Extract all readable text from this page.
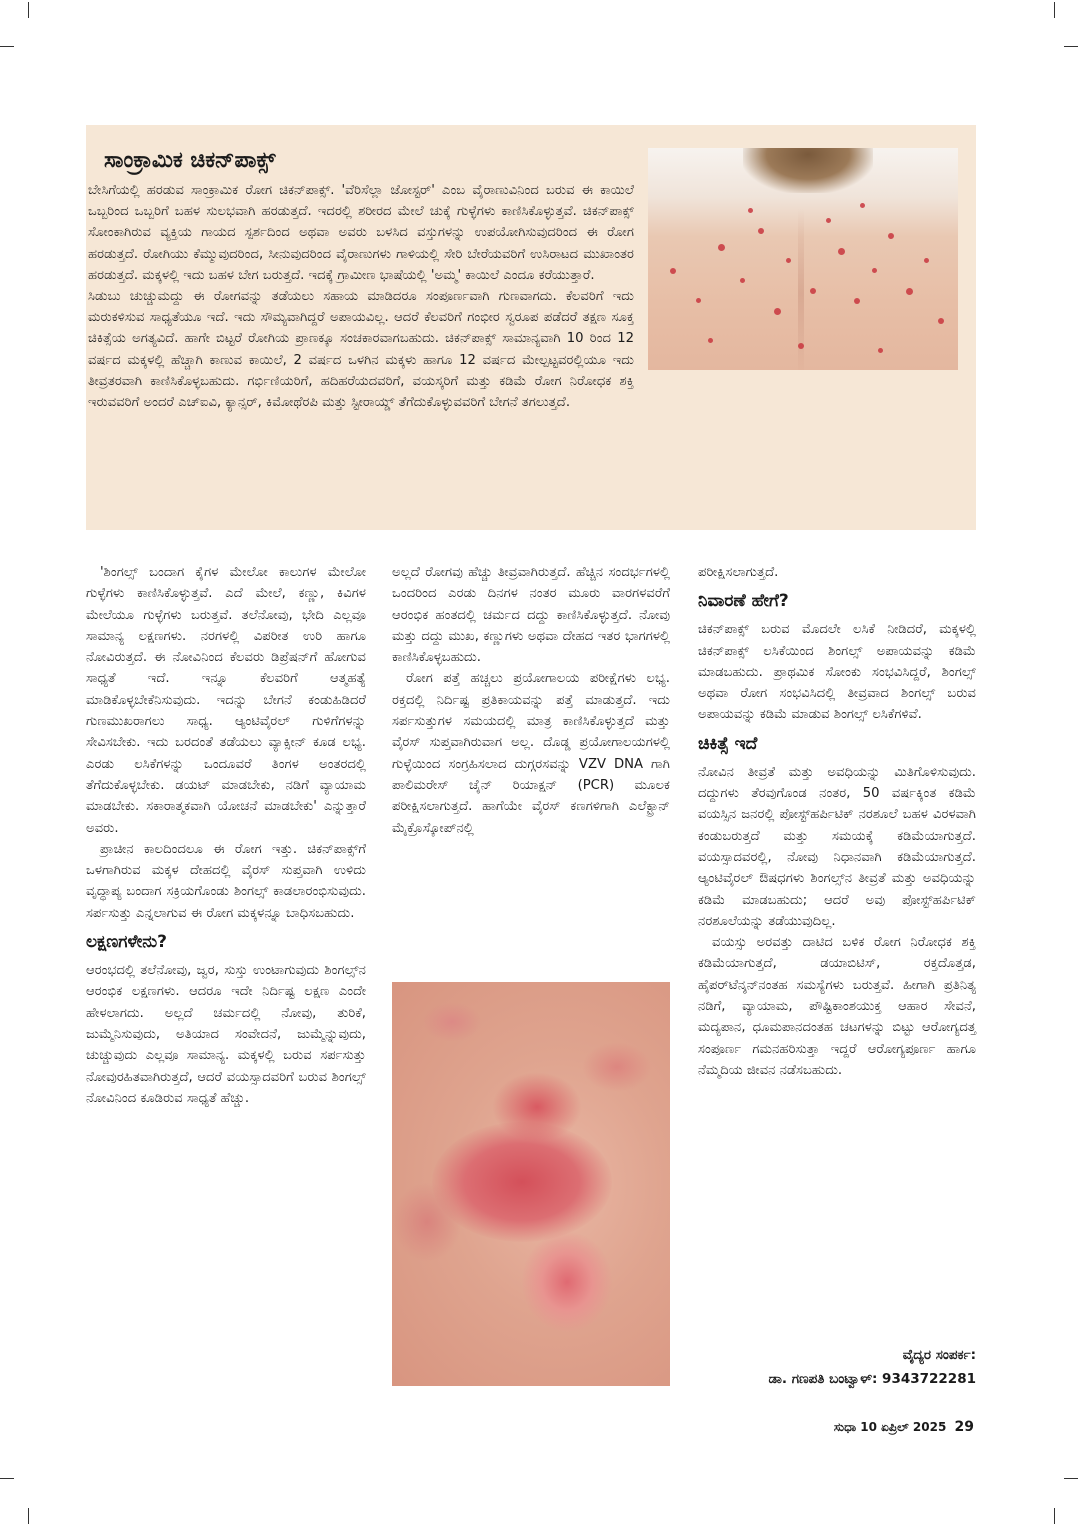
ಸಾಂಕ್ರಾಮಿಕ ಚಿಕನ್‌ಪಾಕ್ಸ್

ಬೇಸಿಗೆಯಲ್ಲಿ ಹರಡುವ ಸಾಂಕ್ರಾಮಿಕ ರೋಗ ಚಿಕನ್‌ಪಾಕ್ಸ್. 'ವೆರಿಸೆಲ್ಲಾ ಜೋಸ್ಟರ್' ಎಂಬ ವೈರಾಣುವಿನಿಂದ ಬರುವ ಈ ಕಾಯಿಲೆ ಒಬ್ಬರಿಂದ ಒಬ್ಬರಿಗೆ ಬಹಳ ಸುಲಭವಾಗಿ ಹರಡುತ್ತದೆ. ಇದರಲ್ಲಿ ಶರೀರದ ಮೇಲೆ ಚುಕ್ಕೆ ಗುಳ್ಳೆಗಳು ಕಾಣಿಸಿಕೊಳ್ಳುತ್ತವೆ. ಚಿಕನ್‌ಪಾಕ್ಸ್ ಸೋಂಕಾಗಿರುವ ವ್ಯಕ್ತಿಯ ಗಾಯದ ಸ್ಪರ್ಶದಿಂದ ಅಥವಾ ಅವರು ಬಳಸಿದ ವಸ್ತುಗಳನ್ನು ಉಪಯೋಗಿಸುವುದರಿಂದ ಈ ರೋಗ ಹರಡುತ್ತದೆ. ರೋಗಿಯು ಕೆಮ್ಮುವುದರಿಂದ, ಸೀನುವುದರಿಂದ ವೈರಾಣುಗಳು ಗಾಳಿಯಲ್ಲಿ ಸೇರಿ ಬೇರೆಯವರಿಗೆ ಉಸಿರಾಟದ ಮುಖಾಂತರ ಹರಡುತ್ತದೆ. ಮಕ್ಕಳಲ್ಲಿ ಇದು ಬಹಳ ಬೇಗ ಬರುತ್ತದೆ. ಇದಕ್ಕೆ ಗ್ರಾಮೀಣ ಭಾಷೆಯಲ್ಲಿ 'ಅಮ್ಮ' ಕಾಯಿಲೆ ಎಂದೂ ಕರೆಯುತ್ತಾರೆ.

ಸಿಡುಬು ಚುಚ್ಚುಮದ್ದು ಈ ರೋಗವನ್ನು ತಡೆಯಲು ಸಹಾಯ ಮಾಡಿದರೂ ಸಂಪೂರ್ಣವಾಗಿ ಗುಣವಾಗದು. ಕೆಲವರಿಗೆ ಇದು ಮರುಕಳಿಸುವ ಸಾಧ್ಯತೆಯೂ ಇದೆ. ಇದು ಸೌಮ್ಯವಾಗಿದ್ದರೆ ಅಪಾಯವಿಲ್ಲ. ಆದರೆ ಕೆಲವರಿಗೆ ಗಂಭೀರ ಸ್ವರೂಪ ಪಡೆದರೆ ತಕ್ಷಣ ಸೂಕ್ತ ಚಿಕಿತ್ಸೆಯ ಅಗತ್ಯವಿದೆ. ಹಾಗೇ ಬಿಟ್ಟರೆ ರೋಗಿಯ ಪ್ರಾಣಕ್ಕೂ ಸಂಚಕಾರವಾಗಬಹುದು. ಚಿಕನ್‌ಪಾಕ್ಸ್ ಸಾಮಾನ್ಯವಾಗಿ 10 ರಿಂದ 12 ವರ್ಷದ ಮಕ್ಕಳಲ್ಲಿ ಹೆಚ್ಚಾಗಿ ಕಾಣುವ ಕಾಯಿಲೆ, 2 ವರ್ಷದ ಒಳಗಿನ ಮಕ್ಕಳು ಹಾಗೂ 12 ವರ್ಷದ ಮೇಲ್ಪಟ್ಟವರಲ್ಲಿಯೂ ಇದು ತೀವ್ರತರವಾಗಿ ಕಾಣಿಸಿಕೊಳ್ಳಬಹುದು. ಗರ್ಭಿಣಿಯರಿಗೆ, ಹದಿಹರೆಯದವರಿಗೆ, ವಯಸ್ಕರಿಗೆ ಮತ್ತು ಕಡಿಮೆ ರೋಗ ನಿರೋಧಕ ಶಕ್ತಿ ಇರುವವರಿಗೆ ಅಂದರೆ ಎಚ್‌ಐವಿ, ಕ್ಯಾನ್ಸರ್, ಕಿಮೋಥೆರಪಿ ಮತ್ತು ಸ್ಟೀರಾಯ್ಡ್ ತೆಗೆದುಕೊಳ್ಳುವವರಿಗೆ ಬೇಗನೆ ತಗಲುತ್ತದೆ.

'ಶಿಂಗಲ್ಸ್ ಬಂದಾಗ ಕೈಗಳ ಮೇಲೋ ಕಾಲುಗಳ ಮೇಲೋ ಗುಳ್ಳೆಗಳು ಕಾಣಿಸಿಕೊಳ್ಳುತ್ತವೆ. ಎದೆ ಮೇಲೆ, ಕಣ್ಣು, ಕಿವಿಗಳ ಮೇಲೆಯೂ ಗುಳ್ಳೆಗಳು ಬರುತ್ತವೆ. ತಲೆನೋವು, ಭೇದಿ ಎಲ್ಲವೂ ಸಾಮಾನ್ಯ ಲಕ್ಷಣಗಳು. ನರಗಳಲ್ಲಿ ವಿಪರೀತ ಉರಿ ಹಾಗೂ ನೋವಿರುತ್ತದೆ. ಈ ನೋವಿನಿಂದ ಕೆಲವರು ಡಿಪ್ರೆಷನ್‌ಗೆ ಹೋಗುವ ಸಾಧ್ಯತೆ ಇದೆ. ಇನ್ನೂ ಕೆಲವರಿಗೆ ಆತ್ಮಹತ್ಯೆ ಮಾಡಿಕೊಳ್ಳಬೇಕೆನಿಸುವುದು. ಇದನ್ನು ಬೇಗನೆ ಕಂಡುಹಿಡಿದರೆ ಗುಣಮುಖರಾಗಲು ಸಾಧ್ಯ. ಆ್ಯಂಟಿವೈರಲ್ ಗುಳಿಗೆಗಳನ್ನು ಸೇವಿಸಬೇಕು. ಇದು ಬರದಂತೆ ತಡೆಯಲು ವ್ಯಾಕ್ಸೀನ್ ಕೂಡ ಲಭ್ಯ. ಎರಡು ಲಸಿಕೆಗಳನ್ನು ಒಂದೂವರೆ ತಿಂಗಳ ಅಂತರದಲ್ಲಿ ತೆಗೆದುಕೊಳ್ಳಬೇಕು. ಡಯಟ್ ಮಾಡಬೇಕು, ನಡಿಗೆ ವ್ಯಾಯಾಮ ಮಾಡಬೇಕು. ಸಕಾರಾತ್ಮಕವಾಗಿ ಯೋಚನೆ ಮಾಡಬೇಕು' ಎನ್ನುತ್ತಾರೆ ಅವರು.

ಪ್ರಾಚೀನ ಕಾಲದಿಂದಲೂ ಈ ರೋಗ ಇತ್ತು. ಚಿಕನ್‌ಪಾಕ್ಸ್‌ಗೆ ಒಳಗಾಗಿರುವ ಮಕ್ಕಳ ದೇಹದಲ್ಲಿ ವೈರಸ್ ಸುಪ್ತವಾಗಿ ಉಳಿದು ವೃದ್ಧಾಪ್ಯ ಬಂದಾಗ ಸಕ್ರಿಯಗೊಂಡು ಶಿಂಗಲ್ಸ್ ಕಾಡಲಾರಂಭಿಸುವುದು. ಸರ್ಪಸುತ್ತು ಎನ್ನಲಾಗುವ ಈ ರೋಗ ಮಕ್ಕಳನ್ನೂ ಬಾಧಿಸಬಹುದು.

ಲಕ್ಷಣಗಳೇನು?

ಆರಂಭದಲ್ಲಿ ತಲೆನೋವು, ಜ್ವರ, ಸುಸ್ತು ಉಂಟಾಗುವುದು ಶಿಂಗಲ್ಸ್‌ನ ಆರಂಭಿಕ ಲಕ್ಷಣಗಳು. ಆದರೂ ಇದೇ ನಿರ್ದಿಷ್ಟ ಲಕ್ಷಣ ಎಂದೇ ಹೇಳಲಾಗದು. ಅಲ್ಲದೆ ಚರ್ಮದಲ್ಲಿ ನೋವು, ತುರಿಕೆ, ಜುಮ್ಮೆನಿಸುವುದು, ಅತಿಯಾದ ಸಂವೇದನೆ, ಜುಮ್ಮೆನ್ನುವುದು, ಚುಚ್ಚುವುದು ಎಲ್ಲವೂ ಸಾಮಾನ್ಯ. ಮಕ್ಕಳಲ್ಲಿ ಬರುವ ಸರ್ಪಸುತ್ತು ನೋವುರಹಿತವಾಗಿರುತ್ತದೆ, ಆದರೆ ವಯಸ್ಸಾದವರಿಗೆ ಬರುವ ಶಿಂಗಲ್ಸ್ ನೋವಿನಿಂದ ಕೂಡಿರುವ ಸಾಧ್ಯತೆ ಹೆಚ್ಚು.

ಅಲ್ಲದೆ ರೋಗವು ಹೆಚ್ಚು ತೀವ್ರವಾಗಿರುತ್ತದೆ. ಹೆಚ್ಚಿನ ಸಂದರ್ಭಗಳಲ್ಲಿ ಒಂದರಿಂದ ಎರಡು ದಿನಗಳ ನಂತರ ಮೂರು ವಾರಗಳವರೆಗೆ ಆರಂಭಿಕ ಹಂತದಲ್ಲಿ ಚರ್ಮದ ದದ್ದು ಕಾಣಿಸಿಕೊಳ್ಳುತ್ತದೆ. ನೋವು ಮತ್ತು ದದ್ದು ಮುಖ, ಕಣ್ಣುಗಳು ಅಥವಾ ದೇಹದ ಇತರ ಭಾಗಗಳಲ್ಲಿ ಕಾಣಿಸಿಕೊಳ್ಳಬಹುದು.

ರೋಗ ಪತ್ತೆ ಹಚ್ಚಲು ಪ್ರಯೋಗಾಲಯ ಪರೀಕ್ಷೆಗಳು ಲಭ್ಯ. ರಕ್ತದಲ್ಲಿ ನಿರ್ದಿಷ್ಟ ಪ್ರತಿಕಾಯವನ್ನು ಪತ್ತೆ ಮಾಡುತ್ತದೆ. ಇದು ಸರ್ಪಸುತ್ತುಗಳ ಸಮಯದಲ್ಲಿ ಮಾತ್ರ ಕಾಣಿಸಿಕೊಳ್ಳುತ್ತದೆ ಮತ್ತು ವೈರಸ್ ಸುಪ್ತವಾಗಿರುವಾಗ ಅಲ್ಲ. ದೊಡ್ಡ ಪ್ರಯೋಗಾಲಯಗಳಲ್ಲಿ ಗುಳ್ಳೆಯಿಂದ ಸಂಗ್ರಹಿಸಲಾದ ದುಗ್ಗರಸವನ್ನು VZV DNA ಗಾಗಿ ಪಾಲಿಮರೇಸ್ ಚೈನ್ ರಿಯಾಕ್ಷನ್ (PCR) ಮೂಲಕ ಪರೀಕ್ಷಿಸಲಾಗುತ್ತದೆ. ಹಾಗೆಯೇ ವೈರಸ್ ಕಣಗಳಿಗಾಗಿ ಎಲೆಕ್ಟ್ರಾನ್ ಮೈಕ್ರೊಸ್ಕೋಪ್‌ನಲ್ಲಿ

ಪರೀಕ್ಷಿಸಲಾಗುತ್ತದೆ.

ನಿವಾರಣೆ ಹೇಗೆ?

ಚಿಕನ್‌ಪಾಕ್ಸ್ ಬರುವ ಮೊದಲೇ ಲಸಿಕೆ ನೀಡಿದರೆ, ಮಕ್ಕಳಲ್ಲಿ ಚಿಕನ್‌ಪಾಕ್ಸ್ ಲಸಿಕೆಯಿಂದ ಶಿಂಗಲ್ಸ್ ಅಪಾಯವನ್ನು ಕಡಿಮೆ ಮಾಡಬಹುದು. ಪ್ರಾಥಮಿಕ ಸೋಂಕು ಸಂಭವಿಸಿದ್ದರೆ, ಶಿಂಗಲ್ಸ್ ಅಥವಾ ರೋಗ ಸಂಭವಿಸಿದಲ್ಲಿ ತೀವ್ರವಾದ ಶಿಂಗಲ್ಸ್ ಬರುವ ಅಪಾಯವನ್ನು ಕಡಿಮೆ ಮಾಡುವ ಶಿಂಗಲ್ಸ್ ಲಸಿಕೆಗಳಿವೆ.

ಚಿಕಿತ್ಸೆ ಇದೆ

ನೋವಿನ ತೀವ್ರತೆ ಮತ್ತು ಅವಧಿಯನ್ನು ಮಿತಿಗೊಳಿಸುವುದು. ದದ್ದುಗಳು ತೆರವುಗೊಂಡ ನಂತರ, 50 ವರ್ಷಕ್ಕಿಂತ ಕಡಿಮೆ ವಯಸ್ಸಿನ ಜನರಲ್ಲಿ ಪೋಸ್ಟ್‌ಹರ್ಪಿಟಿಕ್ ನರಶೂಲೆ ಬಹಳ ವಿರಳವಾಗಿ ಕಂಡುಬರುತ್ತದೆ ಮತ್ತು ಸಮಯಕ್ಕೆ ಕಡಿಮೆಯಾಗುತ್ತದೆ. ವಯಸ್ಸಾದವರಲ್ಲಿ, ನೋವು ನಿಧಾನವಾಗಿ ಕಡಿಮೆಯಾಗುತ್ತದೆ. ಆ್ಯಂಟಿವೈರಲ್ ಔಷಧಗಳು ಶಿಂಗಲ್ಸ್‌ನ ತೀವ್ರತೆ ಮತ್ತು ಅವಧಿಯನ್ನು ಕಡಿಮೆ ಮಾಡಬಹುದು; ಆದರೆ ಅವು ಪೋಸ್ಟ್‌ಹರ್ಪಿಟಿಕ್ ನರಶೂಲೆಯನ್ನು ತಡೆಯುವುದಿಲ್ಲ.

ವಯಸ್ಸು ಅರವತ್ತು ದಾಟಿದ ಬಳಿಕ ರೋಗ ನಿರೋಧಕ ಶಕ್ತಿ ಕಡಿಮೆಯಾಗುತ್ತದೆ, ಡಯಾಬಿಟಿಸ್, ರಕ್ತದೊತ್ತಡ, ಹೈಪರ್‌ಟೆನ್ಶನ್‌ನಂತಹ ಸಮಸ್ಯೆಗಳು ಬರುತ್ತವೆ. ಹೀಗಾಗಿ ಪ್ರತಿನಿತ್ಯ ನಡಿಗೆ, ವ್ಯಾಯಾಮ, ಪೌಷ್ಟಿಕಾಂಶಯುಕ್ತ ಆಹಾರ ಸೇವನೆ, ಮದ್ಯಪಾನ, ಧೂಮಪಾನದಂತಹ ಚಟಗಳನ್ನು ಬಿಟ್ಟು ಆರೋಗ್ಯದತ್ತ ಸಂಪೂರ್ಣ ಗಮನಹರಿಸುತ್ತಾ ಇದ್ದರೆ ಆರೋಗ್ಯಪೂರ್ಣ ಹಾಗೂ ನೆಮ್ಮದಿಯ ಜೀವನ ನಡೆಸಬಹುದು.

ವೈದ್ಯರ ಸಂಪರ್ಕ:
ಡಾ. ಗಣಪತಿ ಬಂಟ್ವಾಳ್: 9343722281
ಸುಧಾ 10 ಏಪ್ರಿಲ್ 2025 29
